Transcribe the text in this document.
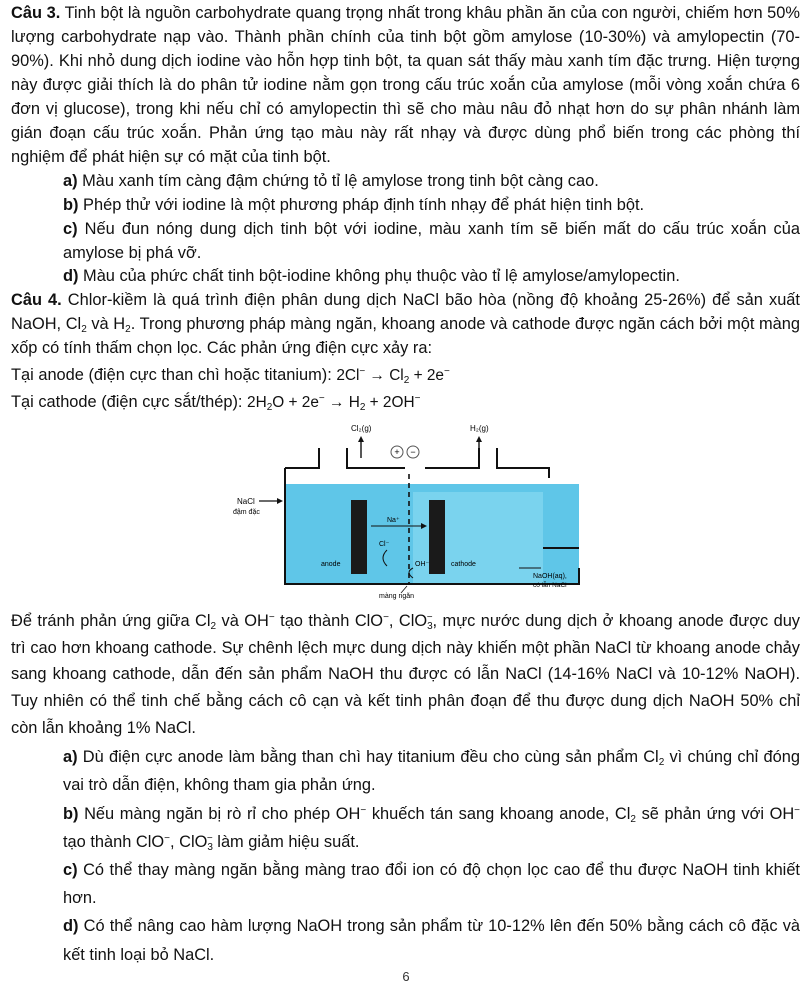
Câu 3. Tinh bột là nguồn carbohydrate quang trọng nhất trong khâu phần ăn của con người, chiếm hơn 50% lượng carbohydrate nạp vào. Thành phần chính của tinh bột gồm amylose (10-30%) và amylopectin (70-90%). Khi nhỏ dung dịch iodine vào hỗn hợp tinh bột, ta quan sát thấy màu xanh tím đặc trưng. Hiện tượng này được giải thích là do phân tử iodine nằm gọn trong cấu trúc xoắn của amylose (mỗi vòng xoắn chứa 6 đơn vị glucose), trong khi nếu chỉ có amylopectin thì sẽ cho màu nâu đỏ nhạt hơn do sự phân nhánh làm gián đoạn cấu trúc xoắn. Phản ứng tạo màu này rất nhạy và được dùng phổ biến trong các phòng thí nghiệm để phát hiện sự có mặt của tinh bột.

a) Màu xanh tím càng đậm chứng tỏ tỉ lệ amylose trong tinh bột càng cao.

b) Phép thử với iodine là một phương pháp định tính nhạy để phát hiện tinh bột.

c) Nếu đun nóng dung dịch tinh bột với iodine, màu xanh tím sẽ biến mất do cấu trúc xoắn của amylose bị phá vỡ.

d) Màu của phức chất tinh bột-iodine không phụ thuộc vào tỉ lệ amylose/amylopectin.

Câu 4. Chlor-kiềm là quá trình điện phân dung dịch NaCl bão hòa (nồng độ khoảng 25-26%) để sản xuất NaOH, $Cl_2$ và $H_2$. Trong phương pháp màng ngăn, khoang anode và cathode được ngăn cách bởi một màng xốp có tính thấm chọn lọc. Các phản ứng điện cực xảy ra:

Tại anode (điện cực than chì hoặc titanium): $2Cl^- \to Cl_2 + 2e^-$

Tại cathode (điện cực sắt/thép): $2H_2O + 2e^- \to H_2 + 2OH^-$

+ −
Cl₂(g)	H₂(g)
NaCl
đậm đặc
Na⁺
Cl⁻
OH⁻
anode	cathode
màng ngăn
NaOH(aq),
có lẫn NaCl

Để tránh phản ứng giữa $Cl_2$ và OH− tạo thành ClO−, ClO$_3$−, mực nước dung dịch ở khoang anode được duy trì cao hơn khoang cathode. Sự chênh lệch mực dung dịch này khiến một phần NaCl từ khoang anode chảy sang khoang cathode, dẫn đến sản phẩm NaOH thu được có lẫn NaCl (14-16% NaCl và 10-12% NaOH). Tuy nhiên có thể tinh chế bằng cách cô cạn và kết tinh phân đoạn để thu được dung dịch NaOH 50% chỉ còn lẫn khoảng 1% NaCl.

a) Dù điện cực anode làm bằng than chì hay titanium đều cho cùng sản phẩm $Cl_2$ vì chúng chỉ đóng vai trò dẫn điện, không tham gia phản ứng.

b) Nếu màng ngăn bị rò rỉ cho phép OH− khuếch tán sang khoang anode, $Cl_2$ sẽ phản ứng với OH− tạo thành ClO−, ClO$_3$− làm giảm hiệu suất.

c) Có thể thay màng ngăn bằng màng trao đổi ion có độ chọn lọc cao để thu được NaOH tinh khiết hơn.

d) Có thể nâng cao hàm lượng NaOH trong sản phẩm từ 10-12% lên đến 50% bằng cách cô đặc và kết tinh loại bỏ NaCl.

6
